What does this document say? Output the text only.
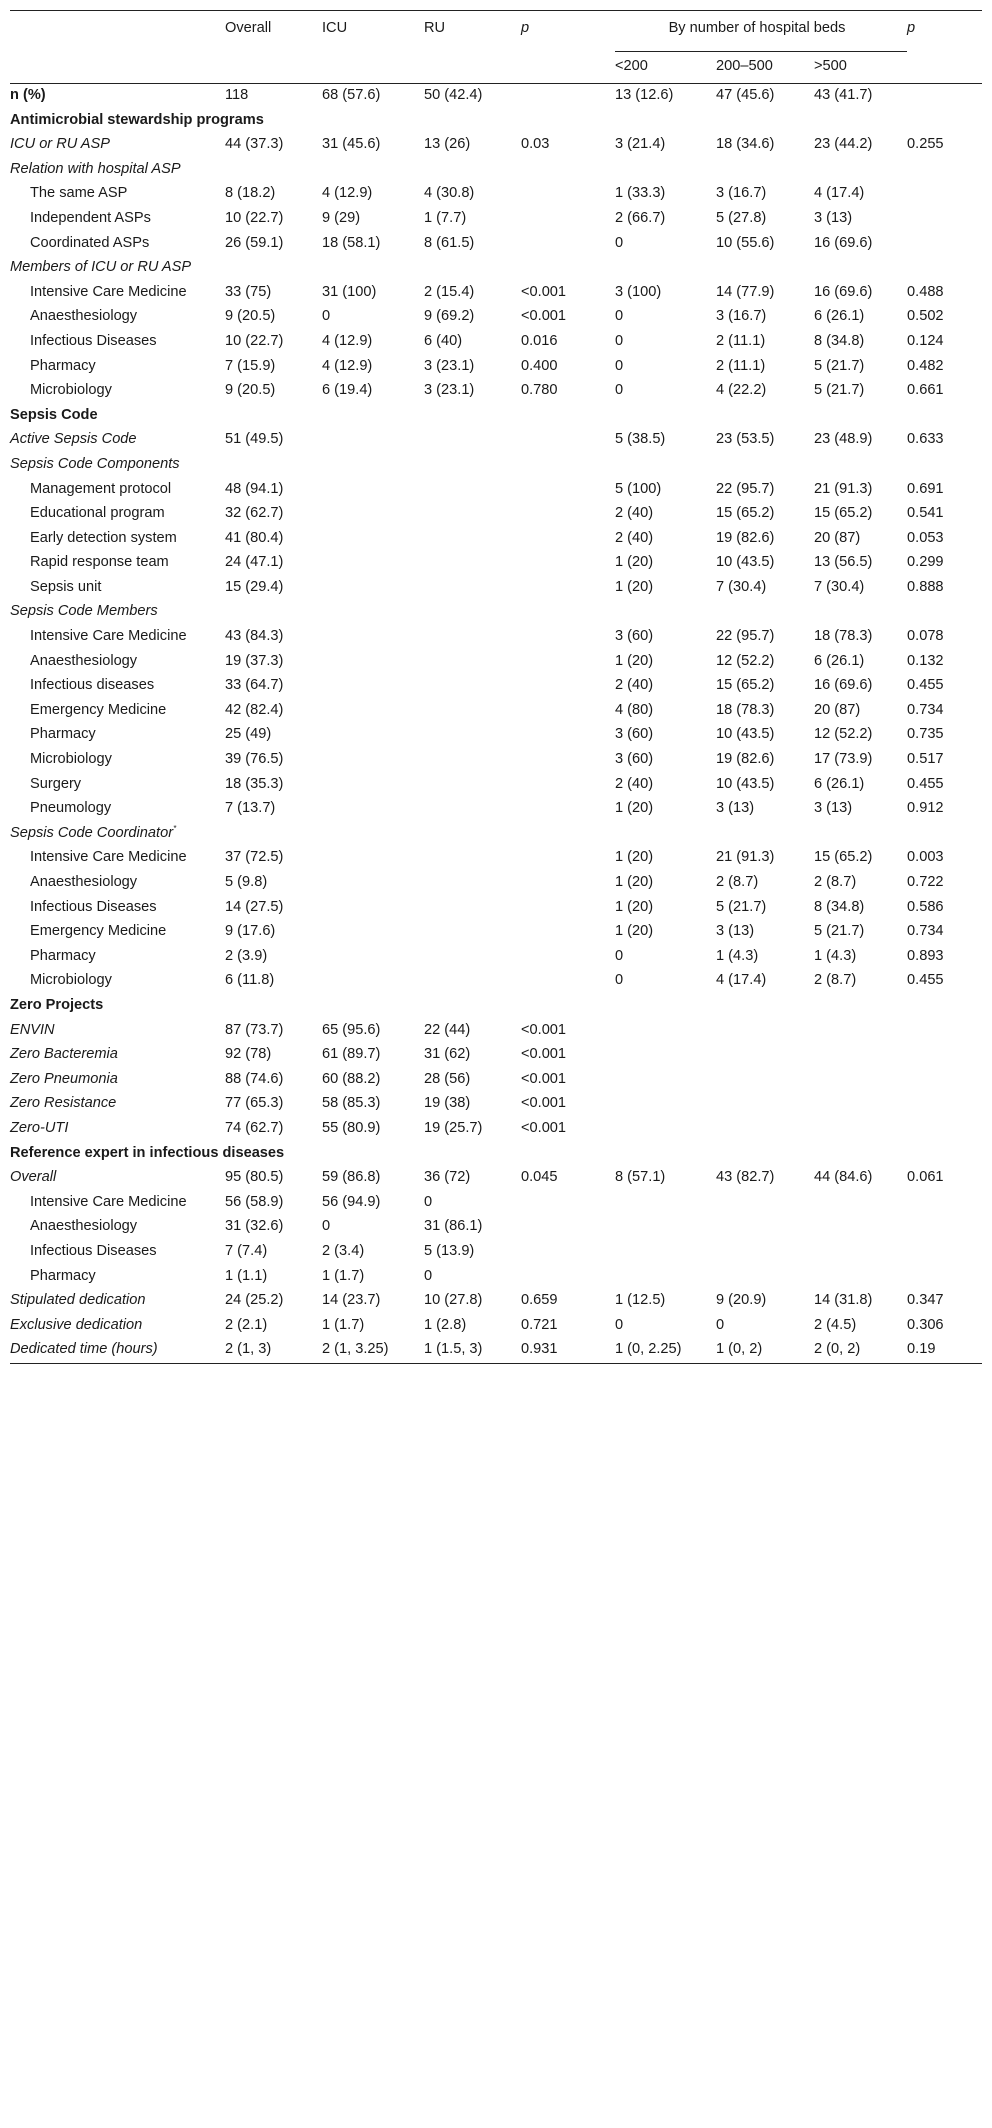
	Overall	ICU	RU	p	By number of hospital beds			p
					<200	200–500	>500	
n (%)	118	68 (57.6)	50 (42.4)		13 (12.6)	47 (45.6)	43 (41.7)	
Antimicrobial stewardship programs								
ICU or RU ASP	44 (37.3)	31 (45.6)	13 (26)	0.03	3 (21.4)	18 (34.6)	23 (44.2)	0.255
Relation with hospital ASP								
The same ASP	8 (18.2)	4 (12.9)	4 (30.8)		1 (33.3)	3 (16.7)	4 (17.4)	
Independent ASPs	10 (22.7)	9 (29)	1 (7.7)		2 (66.7)	5 (27.8)	3 (13)	
Coordinated ASPs	26 (59.1)	18 (58.1)	8 (61.5)		0	10 (55.6)	16 (69.6)	
Members of ICU or RU ASP								
Intensive Care Medicine	33 (75)	31 (100)	2 (15.4)	<0.001	3 (100)	14 (77.9)	16 (69.6)	0.488
Anaesthesiology	9 (20.5)	0	9 (69.2)	<0.001	0	3 (16.7)	6 (26.1)	0.502
Infectious Diseases	10 (22.7)	4 (12.9)	6 (40)	0.016	0	2 (11.1)	8 (34.8)	0.124
Pharmacy	7 (15.9)	4 (12.9)	3 (23.1)	0.400	0	2 (11.1)	5 (21.7)	0.482
Microbiology	9 (20.5)	6 (19.4)	3 (23.1)	0.780	0	4 (22.2)	5 (21.7)	0.661
Sepsis Code								
Active Sepsis Code	51 (49.5)				5 (38.5)	23 (53.5)	23 (48.9)	0.633
Sepsis Code Components								
Management protocol	48 (94.1)				5 (100)	22 (95.7)	21 (91.3)	0.691
Educational program	32 (62.7)				2 (40)	15 (65.2)	15 (65.2)	0.541
Early detection system	41 (80.4)				2 (40)	19 (82.6)	20 (87)	0.053
Rapid response team	24 (47.1)				1 (20)	10 (43.5)	13 (56.5)	0.299
Sepsis unit	15 (29.4)				1 (20)	7 (30.4)	7 (30.4)	0.888
Sepsis Code Members								
Intensive Care Medicine	43 (84.3)				3 (60)	22 (95.7)	18 (78.3)	0.078
Anaesthesiology	19 (37.3)				1 (20)	12 (52.2)	6 (26.1)	0.132
Infectious diseases	33 (64.7)				2 (40)	15 (65.2)	16 (69.6)	0.455
Emergency Medicine	42 (82.4)				4 (80)	18 (78.3)	20 (87)	0.734
Pharmacy	25 (49)				3 (60)	10 (43.5)	12 (52.2)	0.735
Microbiology	39 (76.5)				3 (60)	19 (82.6)	17 (73.9)	0.517
Surgery	18 (35.3)				2 (40)	10 (43.5)	6 (26.1)	0.455
Pneumology	7 (13.7)				1 (20)	3 (13)	3 (13)	0.912
Sepsis Code Coordinator*
Intensive Care Medicine	37 (72.5)				1 (20)	21 (91.3)	15 (65.2)	0.003
Anaesthesiology	5 (9.8)				1 (20)	2 (8.7)	2 (8.7)	0.722
Infectious Diseases	14 (27.5)				1 (20)	5 (21.7)	8 (34.8)	0.586
Emergency Medicine	9 (17.6)				1 (20)	3 (13)	5 (21.7)	0.734
Pharmacy	2 (3.9)				0	1 (4.3)	1 (4.3)	0.893
Microbiology	6 (11.8)				0	4 (17.4)	2 (8.7)	0.455
Zero Projects								
ENVIN	87 (73.7)	65 (95.6)	22 (44)	<0.001				
Zero Bacteremia	92 (78)	61 (89.7)	31 (62)	<0.001				
Zero Pneumonia	88 (74.6)	60 (88.2)	28 (56)	<0.001				
Zero Resistance	77 (65.3)	58 (85.3)	19 (38)	<0.001				
Zero-UTI	74 (62.7)	55 (80.9)	19 (25.7)	<0.001				
Reference expert in infectious diseases								
Overall	95 (80.5)	59 (86.8)	36 (72)	0.045	8 (57.1)	43 (82.7)	44 (84.6)	0.061
Intensive Care Medicine	56 (58.9)	56 (94.9)	0					
Anaesthesiology	31 (32.6)	0	31 (86.1)					
Infectious Diseases	7 (7.4)	2 (3.4)	5 (13.9)					
Pharmacy	1 (1.1)	1 (1.7)	0					
Stipulated dedication	24 (25.2)	14 (23.7)	10 (27.8)	0.659	1 (12.5)	9 (20.9)	14 (31.8)	0.347
Exclusive dedication	2 (2.1)	1 (1.7)	1 (2.8)	0.721	0	0	2 (4.5)	0.306
Dedicated time (hours)	2 (1, 3)	2 (1, 3.25)	1 (1.5, 3)	0.931	1 (0, 2.25)	1 (0, 2)	2 (0, 2)	0.19
